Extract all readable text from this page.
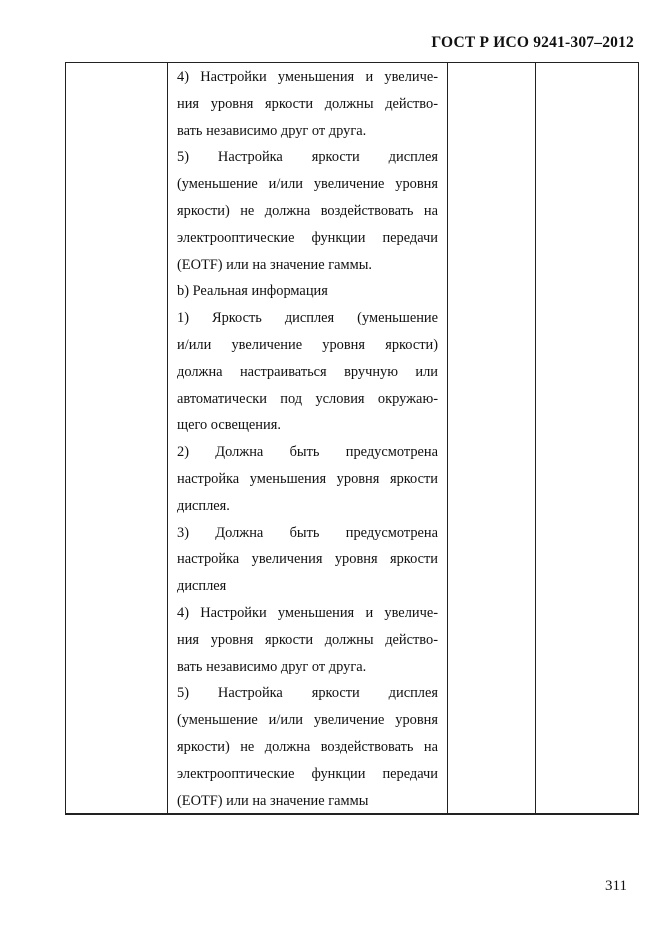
ГОСТ Р ИСО 9241-307–2012
4) Настройки уменьшения и увеличе-
ния уровня яркости должны действо-
вать независимо друг от друга.
5) Настройка яркости дисплея
(уменьшение и/или увеличение уровня
яркости) не должна воздействовать на
электрооптические функции передачи
(EOTF) или на значение гаммы.
b) Реальная информация
1) Яркость дисплея (уменьшение
и/или увеличение уровня яркости)
должна настраиваться вручную или
автоматически под условия окружаю-
щего освещения.
2) Должна быть предусмотрена
настройка уменьшения уровня яркости
дисплея.
3) Должна быть предусмотрена
настройка увеличения уровня яркости
дисплея
4) Настройки уменьшения и увеличе-
ния уровня яркости должны действо-
вать независимо друг от друга.
5) Настройка яркости дисплея
(уменьшение и/или увеличение уровня
яркости) не должна воздействовать на
электрооптические функции передачи
(EOTF) или на значение гаммы
311
